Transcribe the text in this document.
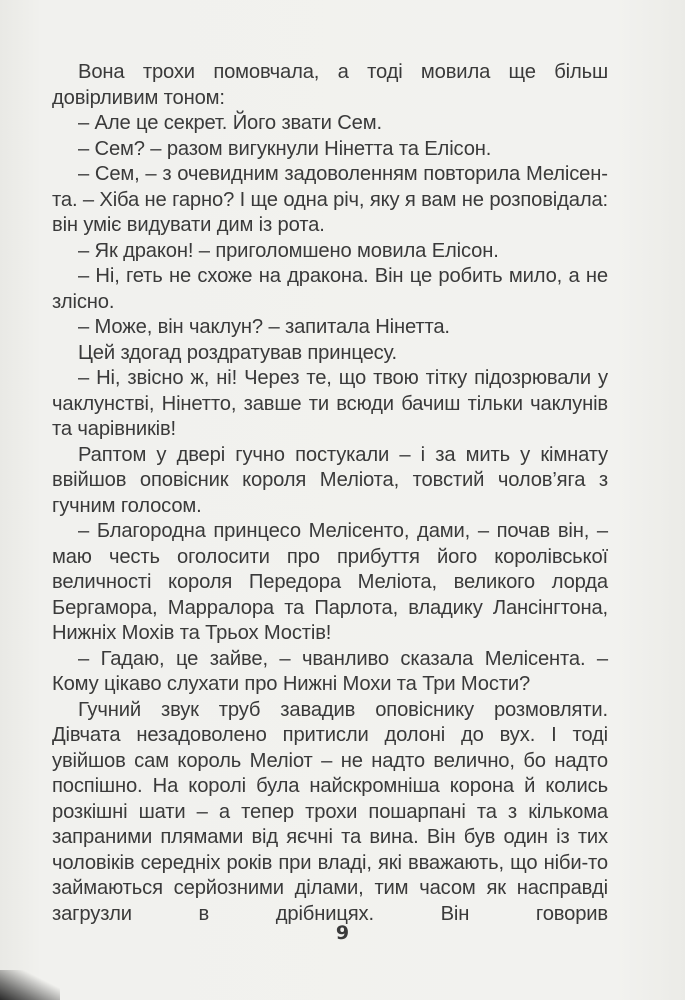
Вона трохи помовчала, а тоді мовила ще більш довірливим тоном:

– Але це секрет. Його звати Сем.

– Сем? – разом вигукнули Нінетта та Елісон.

– Сем, – з очевидним задоволенням повторила Мелісента. – Хіба не гарно? І ще одна річ, яку я вам не розповідала: він уміє видувати дим із рота.

– Як дракон! – приголомшено мовила Елісон.

– Ні, геть не схоже на дракона. Він це робить мило, а не злісно.

– Може, він чаклун? – запитала Нінетта.

Цей здогад роздратував принцесу.

– Ні, звісно ж, ні! Через те, що твою тітку підозрювали у чаклунстві, Нінетто, завше ти всюди бачиш тільки чаклунів та чарівників!

Раптом у двері гучно постукали – і за мить у кімнату ввійшов оповісник короля Меліота, товстий чолов’яга з гучним голосом.

– Благородна принцесо Мелісенто, дами, – почав він, – маю честь оголосити про прибуття його королівської величності короля Передора Меліота, великого лорда Бергамора, Марралора та Парлота, владику Лансінгтона, Нижніх Мохів та Трьох Мостів!

– Гадаю, це зайве, – чванливо сказала Мелісента. – Кому цікаво слухати про Нижні Мохи та Три Мости?

Гучний звук труб завадив оповіснику розмовляти. Дівчата незадоволено притисли долоні до вух. І тоді увійшов сам король Меліот – не надто велично, бо надто поспішно. На королі була найскромніша корона й колись розкішні шати – а тепер трохи пошарпані та з кількома запраними плямами від яєчні та вина. Він був один із тих чоловіків середніх років при владі, які вважають, що ніби-то займаються серйозними ділами, тим часом як насправді загрузли в дрібницях. Він говорив

9
